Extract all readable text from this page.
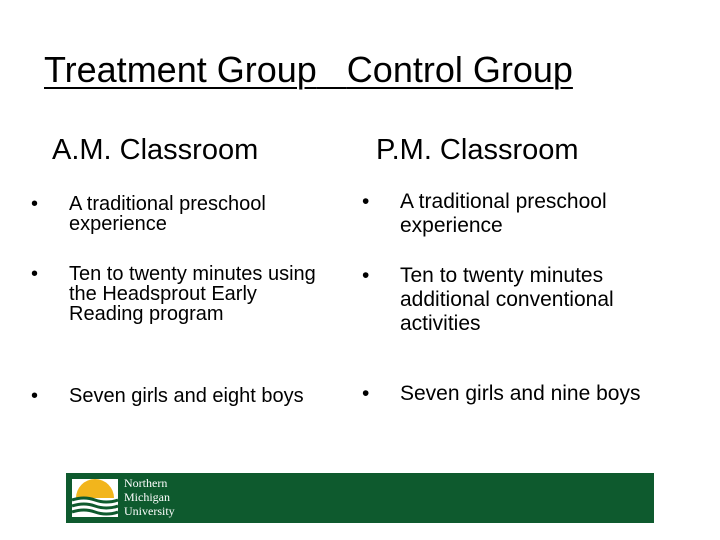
Treatment Group Control Group
A.M. Classroom	P.M. Classroom
• A traditional preschool experience
• Ten to twenty minutes using the Headsprout Early Reading program
• Seven girls and eight boys
• A traditional preschool experience
• Ten to twenty minutes additional conventional activities
• Seven girls and nine boys
Northern
Michigan
University
